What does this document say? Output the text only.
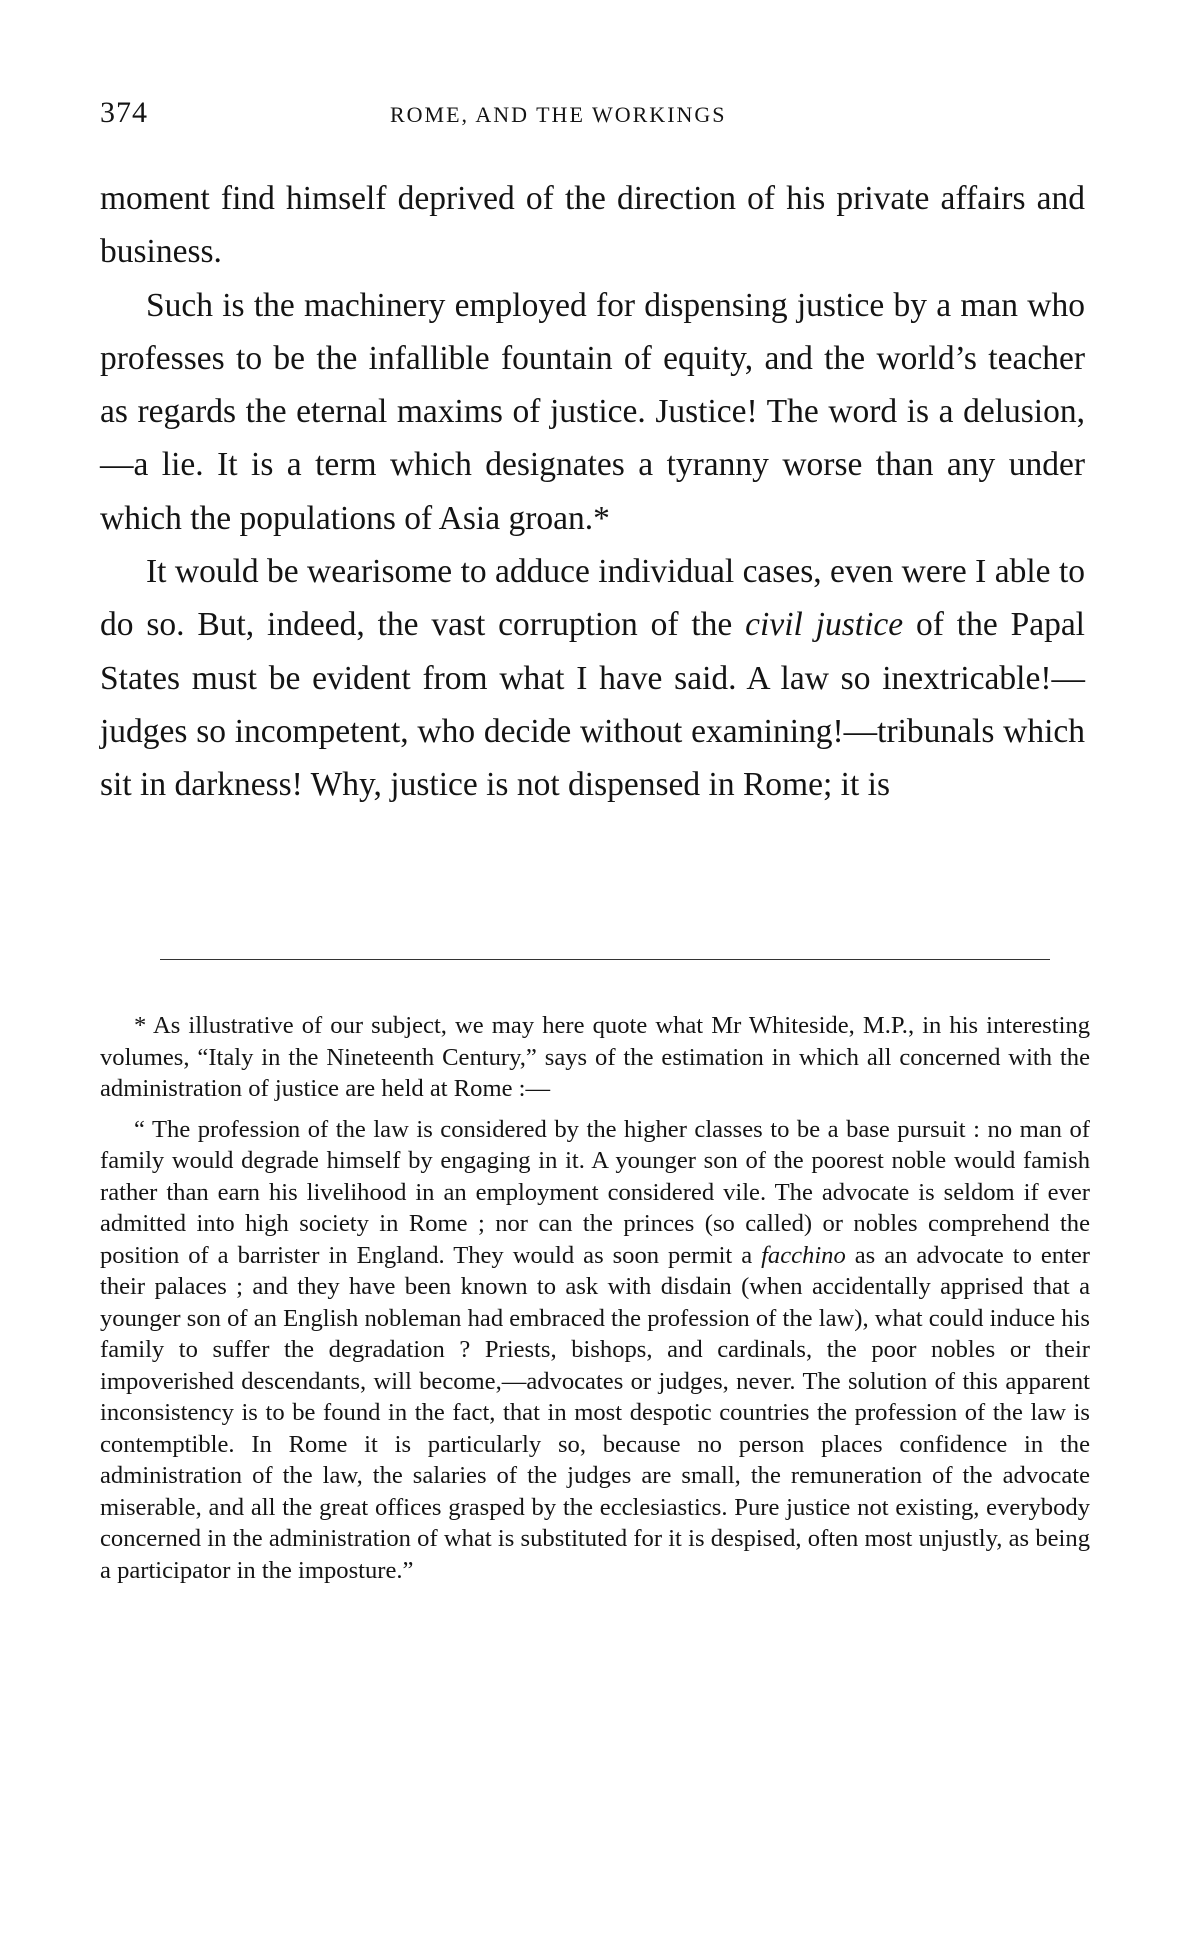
374	ROME, AND THE WORKINGS

moment find himself deprived of the direction of his private affairs and business.

Such is the machinery employed for dispensing justice by a man who professes to be the infallible fountain of equity, and the world’s teacher as regards the eternal maxims of justice. Justice! The word is a delusion,—a lie. It is a term which designates a tyranny worse than any under which the populations of Asia groan.*

It would be wearisome to adduce individual cases, even were I able to do so. But, indeed, the vast corruption of the civil justice of the Papal States must be evident from what I have said. A law so inextricable!—judges so incompetent, who decide without examining!—tribunals which sit in darkness! Why, justice is not dispensed in Rome; it is

* As illustrative of our subject, we may here quote what Mr Whiteside, M.P., in his interesting volumes, “Italy in the Nineteenth Century,” says of the estimation in which all concerned with the administration of justice are held at Rome :—

“ The profession of the law is considered by the higher classes to be a base pursuit : no man of family would degrade himself by engaging in it. A younger son of the poorest noble would famish rather than earn his livelihood in an employment considered vile. The advocate is seldom if ever admitted into high society in Rome ; nor can the princes (so called) or nobles comprehend the position of a barrister in England. They would as soon permit a facchino as an advocate to enter their palaces ; and they have been known to ask with disdain (when accidentally apprised that a younger son of an English nobleman had embraced the profession of the law), what could induce his family to suffer the degradation ? Priests, bishops, and cardinals, the poor nobles or their impoverished descendants, will become,—advocates or judges, never. The solution of this apparent inconsistency is to be found in the fact, that in most despotic countries the profession of the law is contemptible. In Rome it is particularly so, because no person places confidence in the administration of the law, the salaries of the judges are small, the remuneration of the advocate miserable, and all the great offices grasped by the ecclesiastics. Pure justice not existing, everybody concerned in the administration of what is substituted for it is despised, often most unjustly, as being a participator in the imposture.”
